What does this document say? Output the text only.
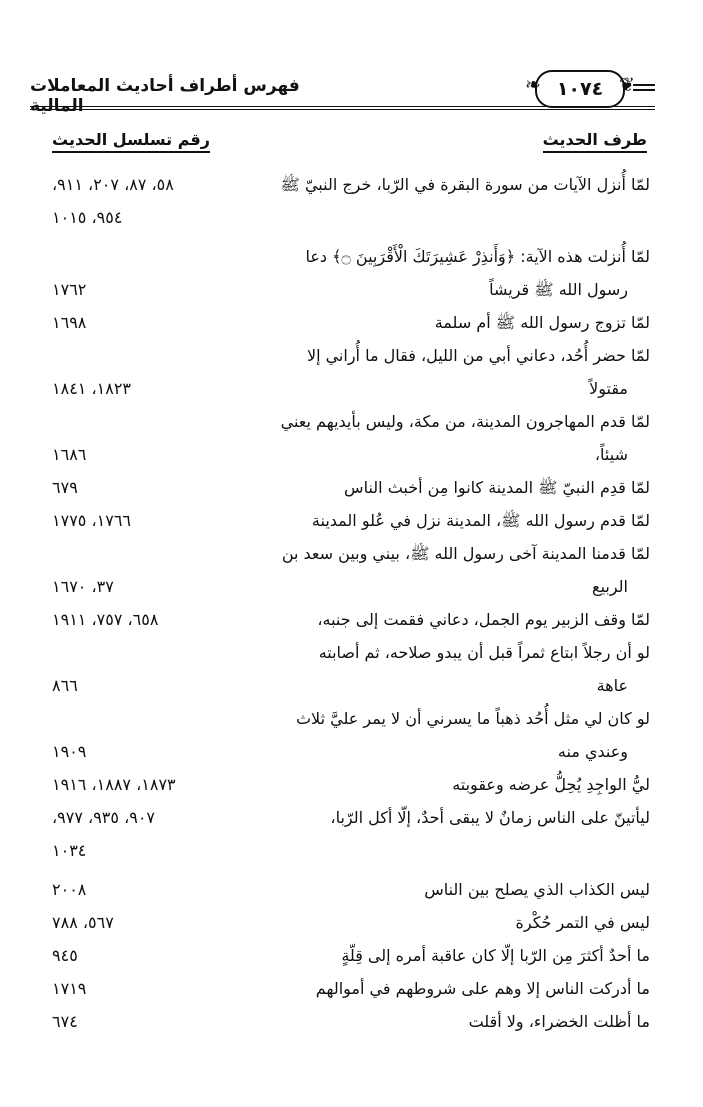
❦
١٠٧٤
❧
فهرس أطراف أحاديث المعاملات المالية
طرف الحديث
رقم تسلسل الحديث
لمّا أُنزل الآيات من سورة البقرة في الرّبا، خرج النبيّ ﷺ
٥٨، ٨٧، ٢٠٧، ٩١١،

٩٥٤، ١٠١٥
لمّا أُنزلت هذه الآية: ﴿وَأَنذِرْ عَشِيرَتَكَ الْأَقْرَبِينَ ۝﴾ دعا
رسول الله ﷺ قريشاً
١٧٦٢
لمّا تزوج رسول الله ﷺ أم سلمة
١٦٩٨
لمّا حضر أُحُد، دعاني أبي من الليل، فقال ما أُراني إلا
مقتولاً
١٨٢٣، ١٨٤١
لمّا قدم المهاجرون المدينة، من مكة، وليس بأيديهم يعني
شيئاً،
١٦٨٦
لمّا قدِم النبيّ ﷺ المدينة كانوا مِن أخبث الناس
٦٧٩
لمّا قدم رسول الله ﷺ، المدينة نزل في عُلو المدينة
١٧٦٦، ١٧٧٥
لمّا قدمنا المدينة آخى رسول الله ﷺ، بيني وبين سعد بن
الربيع
٣٧، ١٦٧٠
لمّا وقف الزبير يوم الجمل، دعاني فقمت إلى جنبه،
٦٥٨، ٧٥٧، ١٩١١
لو أن رجلاً ابتاع ثمراً قبل أن يبدو صلاحه، ثم أصابته
عاهة
٨٦٦
لو كان لي مثل أُحُد ذهباً ما يسرني أن لا يمر عليَّ ثلاث
وعندي منه
١٩٠٩
ليُّ الواجِدِ يُحِلُّ عرضه وعقوبته
١٨٧٣، ١٨٨٧، ١٩١٦
ليأتينّ على الناس زمانٌ لا يبقى أحدٌ، إلّا أكل الرّبا،
٩٠٧، ٩٣٥، ٩٧٧،

١٠٣٤
ليس الكذاب الذي يصلح بين الناس
٢٠٠٨
ليس في التمر حُكْرة
٥٦٧، ٧٨٨
ما أحدٌ أكثرَ مِن الرّبا إلّا كان عاقبة أمره إلى قِلّةٍ
٩٤٥
ما أدركت الناس إلا وهم على شروطهم في أموالهم
١٧١٩
ما أظلت الخضراء، ولا أقلت
٦٧٤
